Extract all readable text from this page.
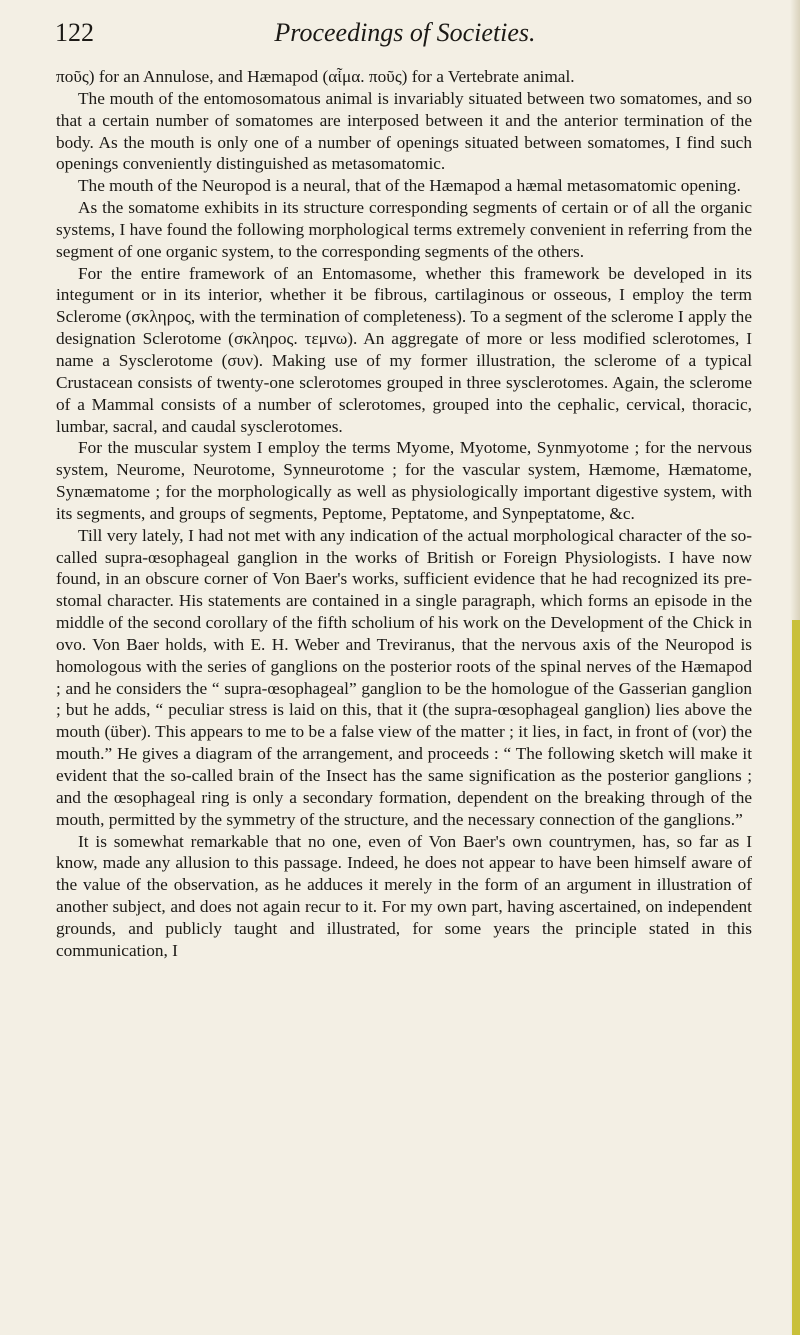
122	Proceedings of Societies.

ποῦς) for an Annulose, and Hæmapod (αἷμα. ποῦς) for a Vertebrate animal.

The mouth of the entomosomatous animal is invariably situated between two somatomes, and so that a certain number of somatomes are interposed between it and the anterior termination of the body. As the mouth is only one of a number of openings situated between somatomes, I find such openings conveniently distinguished as metasomatomic.

The mouth of the Neuropod is a neural, that of the Hæmapod a hæmal metasomatomic opening.

As the somatome exhibits in its structure corresponding segments of certain or of all the organic systems, I have found the following morphological terms extremely convenient in referring from the segment of one organic system, to the corresponding segments of the others.

For the entire framework of an Entomasome, whether this framework be developed in its integument or in its interior, whether it be fibrous, cartilaginous or osseous, I employ the term Sclerome (σκληρος, with the termination of completeness). To a segment of the sclerome I apply the designation Sclerotome (σκληρος. τεμνω). An aggregate of more or less modified sclerotomes, I name a Sysclerotome (συν). Making use of my former illustration, the sclerome of a typical Crustacean consists of twenty-one sclerotomes grouped in three sysclerotomes. Again, the sclerome of a Mammal consists of a number of sclerotomes, grouped into the cephalic, cervical, thoracic, lumbar, sacral, and caudal sysclerotomes.

For the muscular system I employ the terms Myome, Myotome, Synmyotome ; for the nervous system, Neurome, Neurotome, Synneurotome ; for the vascular system, Hæmome, Hæmatome, Synæmatome ; for the morphologically as well as physiologically important digestive system, with its segments, and groups of segments, Peptome, Peptatome, and Synpeptatome, &c.

Till very lately, I had not met with any indication of the actual morphological character of the so-called supra-œsophageal ganglion in the works of British or Foreign Physiologists. I have now found, in an obscure corner of Von Baer's works, sufficient evidence that he had recognized its pre-stomal character. His statements are contained in a single paragraph, which forms an episode in the middle of the second corollary of the fifth scholium of his work on the Development of the Chick in ovo. Von Baer holds, with E. H. Weber and Treviranus, that the nervous axis of the Neuropod is homologous with the series of ganglions on the posterior roots of the spinal nerves of the Hæmapod ; and he considers the “ supra-œsophageal” ganglion to be the homologue of the Gasserian ganglion ; but he adds, “ peculiar stress is laid on this, that it (the supra-œsophageal ganglion) lies above the mouth (über). This appears to me to be a false view of the matter ; it lies, in fact, in front of (vor) the mouth.” He gives a diagram of the arrangement, and proceeds : “ The following sketch will make it evident that the so-called brain of the Insect has the same signification as the posterior ganglions ; and the œsophageal ring is only a secondary formation, dependent on the breaking through of the mouth, permitted by the symmetry of the structure, and the necessary connection of the ganglions.”

It is somewhat remarkable that no one, even of Von Baer's own countrymen, has, so far as I know, made any allusion to this passage. Indeed, he does not appear to have been himself aware of the value of the observation, as he adduces it merely in the form of an argument in illustration of another subject, and does not again recur to it. For my own part, having ascertained, on independent grounds, and publicly taught and illustrated, for some years the principle stated in this communication, I
